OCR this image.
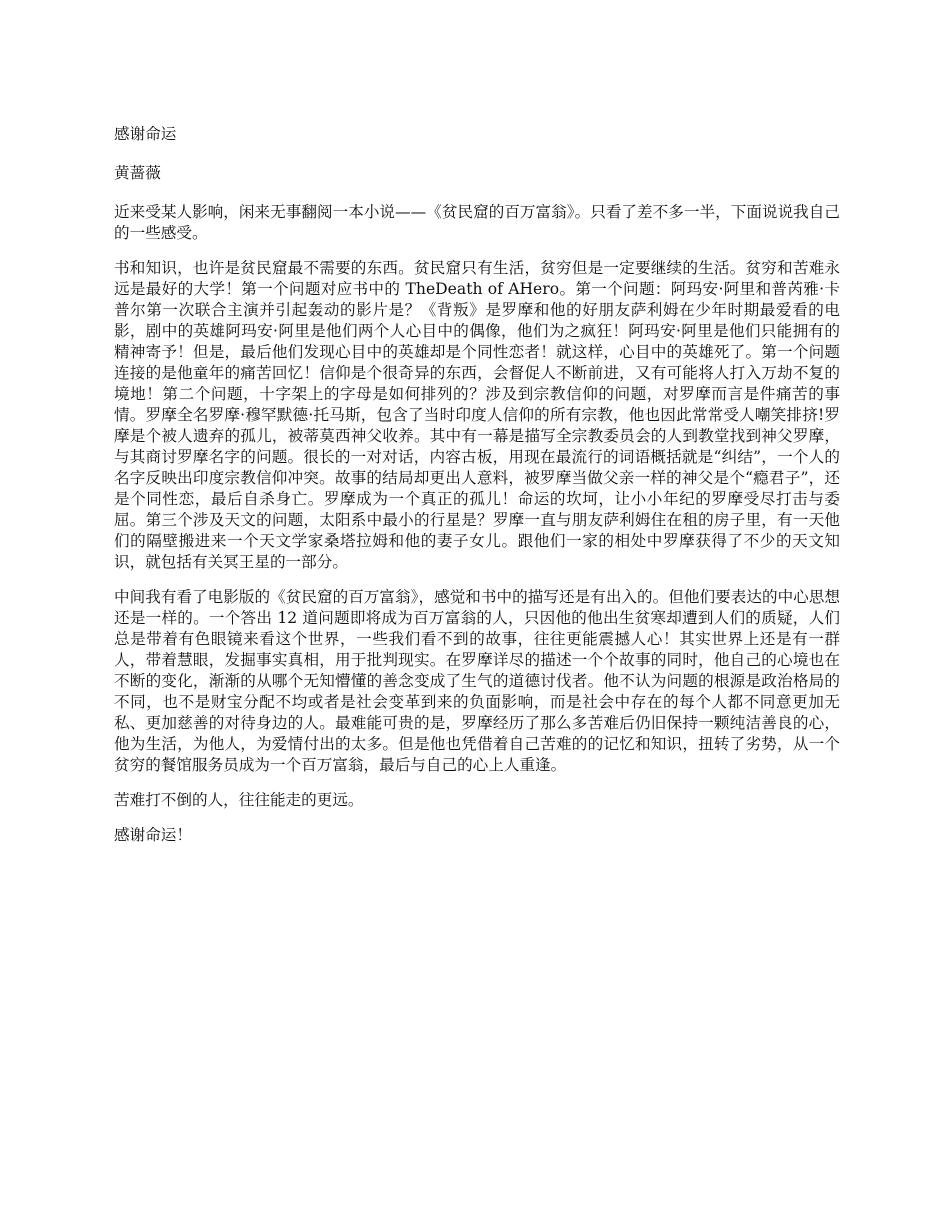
感谢命运

黄蔷薇

近来受某人影响，闲来无事翻阅一本小说——《贫民窟的百万富翁》。只看了差不多一半，下面说说我自己的一些感受。

书和知识，也许是贫民窟最不需要的东西。贫民窟只有生活，贫穷但是一定要继续的生活。贫穷和苦难永远是最好的大学！第一个问题对应书中的 TheDeath of AHero。第一个问题：阿玛安·阿里和普芮雅·卡普尔第一次联合主演并引起轰动的影片是？《背叛》是罗摩和他的好朋友萨利姆在少年时期最爱看的电影，剧中的英雄阿玛安·阿里是他们两个人心目中的偶像，他们为之疯狂！阿玛安·阿里是他们只能拥有的精神寄予！但是，最后他们发现心目中的英雄却是个同性恋者！就这样，心目中的英雄死了。第一个问题连接的是他童年的痛苦回忆！信仰是个很奇异的东西，会督促人不断前进，又有可能将人打入万劫不复的境地！第二个问题，十字架上的字母是如何排列的？涉及到宗教信仰的问题，对罗摩而言是件痛苦的事情。罗摩全名罗摩·穆罕默德·托马斯，包含了当时印度人信仰的所有宗教，他也因此常常受人嘲笑排挤!罗摩是个被人遗弃的孤儿，被蒂莫西神父收养。其中有一幕是描写全宗教委员会的人到教堂找到神父罗摩，与其商讨罗摩名字的问题。很长的一对对话，内容古板，用现在最流行的词语概括就是“纠结”，一个人的名字反映出印度宗教信仰冲突。故事的结局却更出人意料，被罗摩当做父亲一样的神父是个“瘾君子”，还是个同性恋，最后自杀身亡。罗摩成为一个真正的孤儿！命运的坎坷，让小小年纪的罗摩受尽打击与委屈。第三个涉及天文的问题，太阳系中最小的行星是？罗摩一直与朋友萨利姆住在租的房子里，有一天他们的隔壁搬进来一个天文学家桑塔拉姆和他的妻子女儿。跟他们一家的相处中罗摩获得了不少的天文知识，就包括有关冥王星的一部分。

中间我有看了电影版的《贫民窟的百万富翁》，感觉和书中的描写还是有出入的。但他们要表达的中心思想还是一样的。一个答出 12 道问题即将成为百万富翁的人，只因他的他出生贫寒却遭到人们的质疑，人们总是带着有色眼镜来看这个世界，一些我们看不到的故事，往往更能震撼人心！其实世界上还是有一群人，带着慧眼，发掘事实真相，用于批判现实。在罗摩详尽的描述一个个故事的同时，他自己的心境也在不断的变化，渐渐的从哪个无知懵懂的善念变成了生气的道德讨伐者。他不认为问题的根源是政治格局的不同，也不是财宝分配不均或者是社会变革到来的负面影响，而是社会中存在的每个人都不同意更加无私、更加慈善的对待身边的人。最难能可贵的是，罗摩经历了那么多苦难后仍旧保持一颗纯洁善良的心，他为生活，为他人，为爱情付出的太多。但是他也凭借着自己苦难的的记忆和知识，扭转了劣势，从一个贫穷的餐馆服务员成为一个百万富翁，最后与自己的心上人重逢。

苦难打不倒的人，往往能走的更远。

感谢命运！
